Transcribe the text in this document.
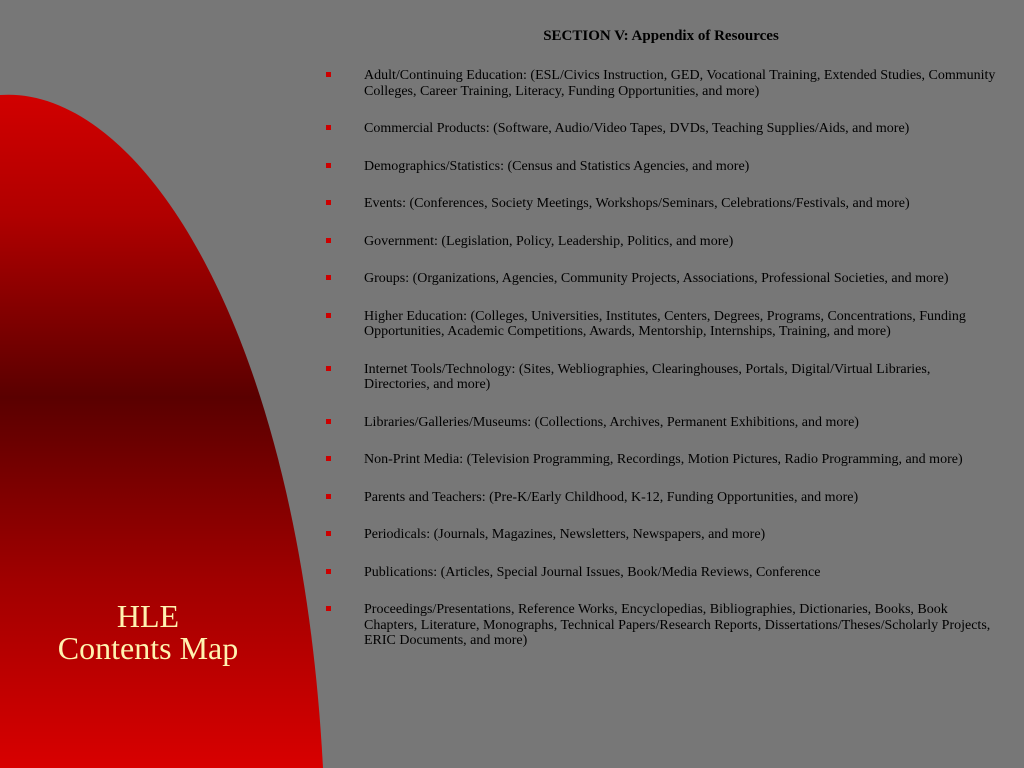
HLE
Contents Map
SECTION V: Appendix of Resources
Adult/Continuing Education: (ESL/Civics Instruction, GED, Vocational Training, Extended Studies, Community Colleges, Career Training, Literacy, Funding Opportunities, and more)
Commercial Products: (Software, Audio/Video Tapes, DVDs, Teaching Supplies/Aids, and more)
Demographics/Statistics: (Census and Statistics Agencies, and more)
Events: (Conferences, Society Meetings, Workshops/Seminars, Celebrations/Festivals, and more)
Government: (Legislation, Policy, Leadership, Politics, and more)
Groups: (Organizations, Agencies, Community Projects, Associations, Professional Societies, and more)
Higher Education: (Colleges, Universities, Institutes, Centers, Degrees, Programs, Concentrations, Funding Opportunities, Academic Competitions, Awards, Mentorship, Internships, Training, and more)
Internet Tools/Technology: (Sites, Webliographies, Clearinghouses, Portals, Digital/Virtual Libraries, Directories, and more)
Libraries/Galleries/Museums: (Collections, Archives, Permanent Exhibitions, and more)
Non-Print Media: (Television Programming, Recordings, Motion Pictures, Radio Programming, and more)
Parents and Teachers: (Pre-K/Early Childhood, K-12, Funding Opportunities, and more)
Periodicals: (Journals, Magazines, Newsletters, Newspapers, and more)
Publications: (Articles, Special Journal Issues, Book/Media Reviews, Conference
Proceedings/Presentations, Reference Works, Encyclopedias, Bibliographies, Dictionaries, Books, Book Chapters, Literature, Monographs, Technical Papers/Research Reports, Dissertations/Theses/Scholarly Projects, ERIC Documents, and more)
